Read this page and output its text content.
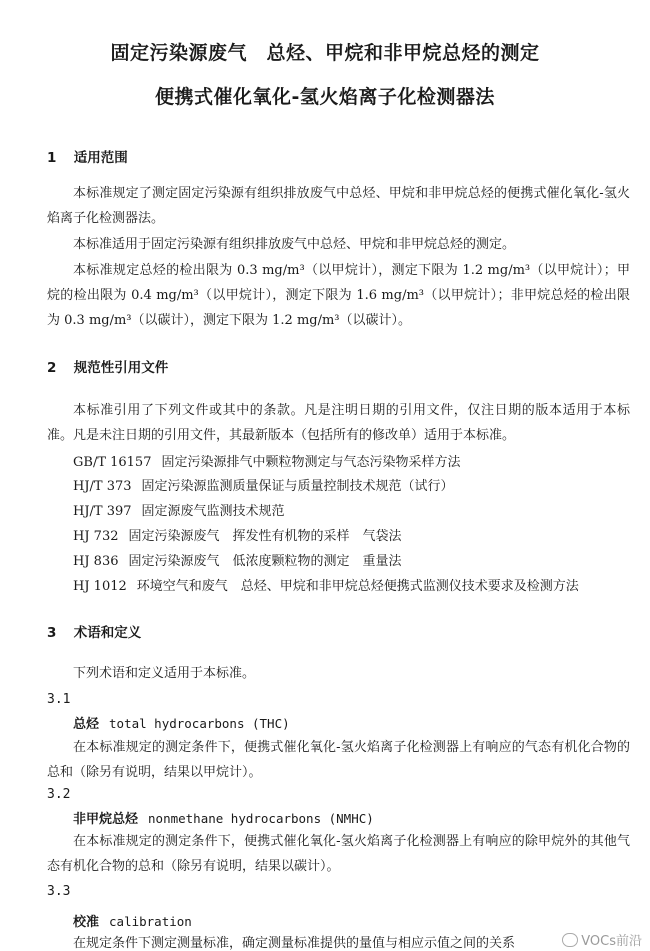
固定污染源废气　总烃、甲烷和非甲烷总烃的测定
便携式催化氧化-氢火焰离子化检测器法
1 适用范围
本标准规定了测定固定污染源有组织排放废气中总烃、甲烷和非甲烷总烃的便携式催化氧化-氢火焰离子化检测器法。
本标准适用于固定污染源有组织排放废气中总烃、甲烷和非甲烷总烃的测定。
本标准规定总烃的检出限为 0.3 mg/m³（以甲烷计），测定下限为 1.2 mg/m³（以甲烷计）；甲烷的检出限为 0.4 mg/m³（以甲烷计），测定下限为 1.6 mg/m³（以甲烷计）；非甲烷总烃的检出限为 0.3 mg/m³（以碳计），测定下限为 1.2 mg/m³（以碳计）。
2 规范性引用文件
本标准引用了下列文件或其中的条款。凡是注明日期的引用文件，仅注日期的版本适用于本标准。凡是未注日期的引用文件，其最新版本（包括所有的修改单）适用于本标准。
GB/T 16157 固定污染源排气中颗粒物测定与气态污染物采样方法
HJ/T 373 固定污染源监测质量保证与质量控制技术规范（试行）
HJ/T 397 固定源废气监测技术规范
HJ 732 固定污染源废气　挥发性有机物的采样　气袋法
HJ 836 固定污染源废气　低浓度颗粒物的测定　重量法
HJ 1012 环境空气和废气　总烃、甲烷和非甲烷总烃便携式监测仪技术要求及检测方法
3 术语和定义
下列术语和定义适用于本标准。
3.1
总烃 total hydrocarbons (THC)
在本标准规定的测定条件下，便携式催化氧化-氢火焰离子化检测器上有响应的气态有机化合物的总和（除另有说明，结果以甲烷计）。
3.2
非甲烷总烃 nonmethane hydrocarbons (NMHC)
在本标准规定的测定条件下，便携式催化氧化-氢火焰离子化检测器上有响应的除甲烷外的其他气态有机化合物的总和（除另有说明，结果以碳计）。
3.3
校准 calibration
在规定条件下测定测量标准，确定测量标准提供的量值与相应示值之间的关系	VOCs前沿
